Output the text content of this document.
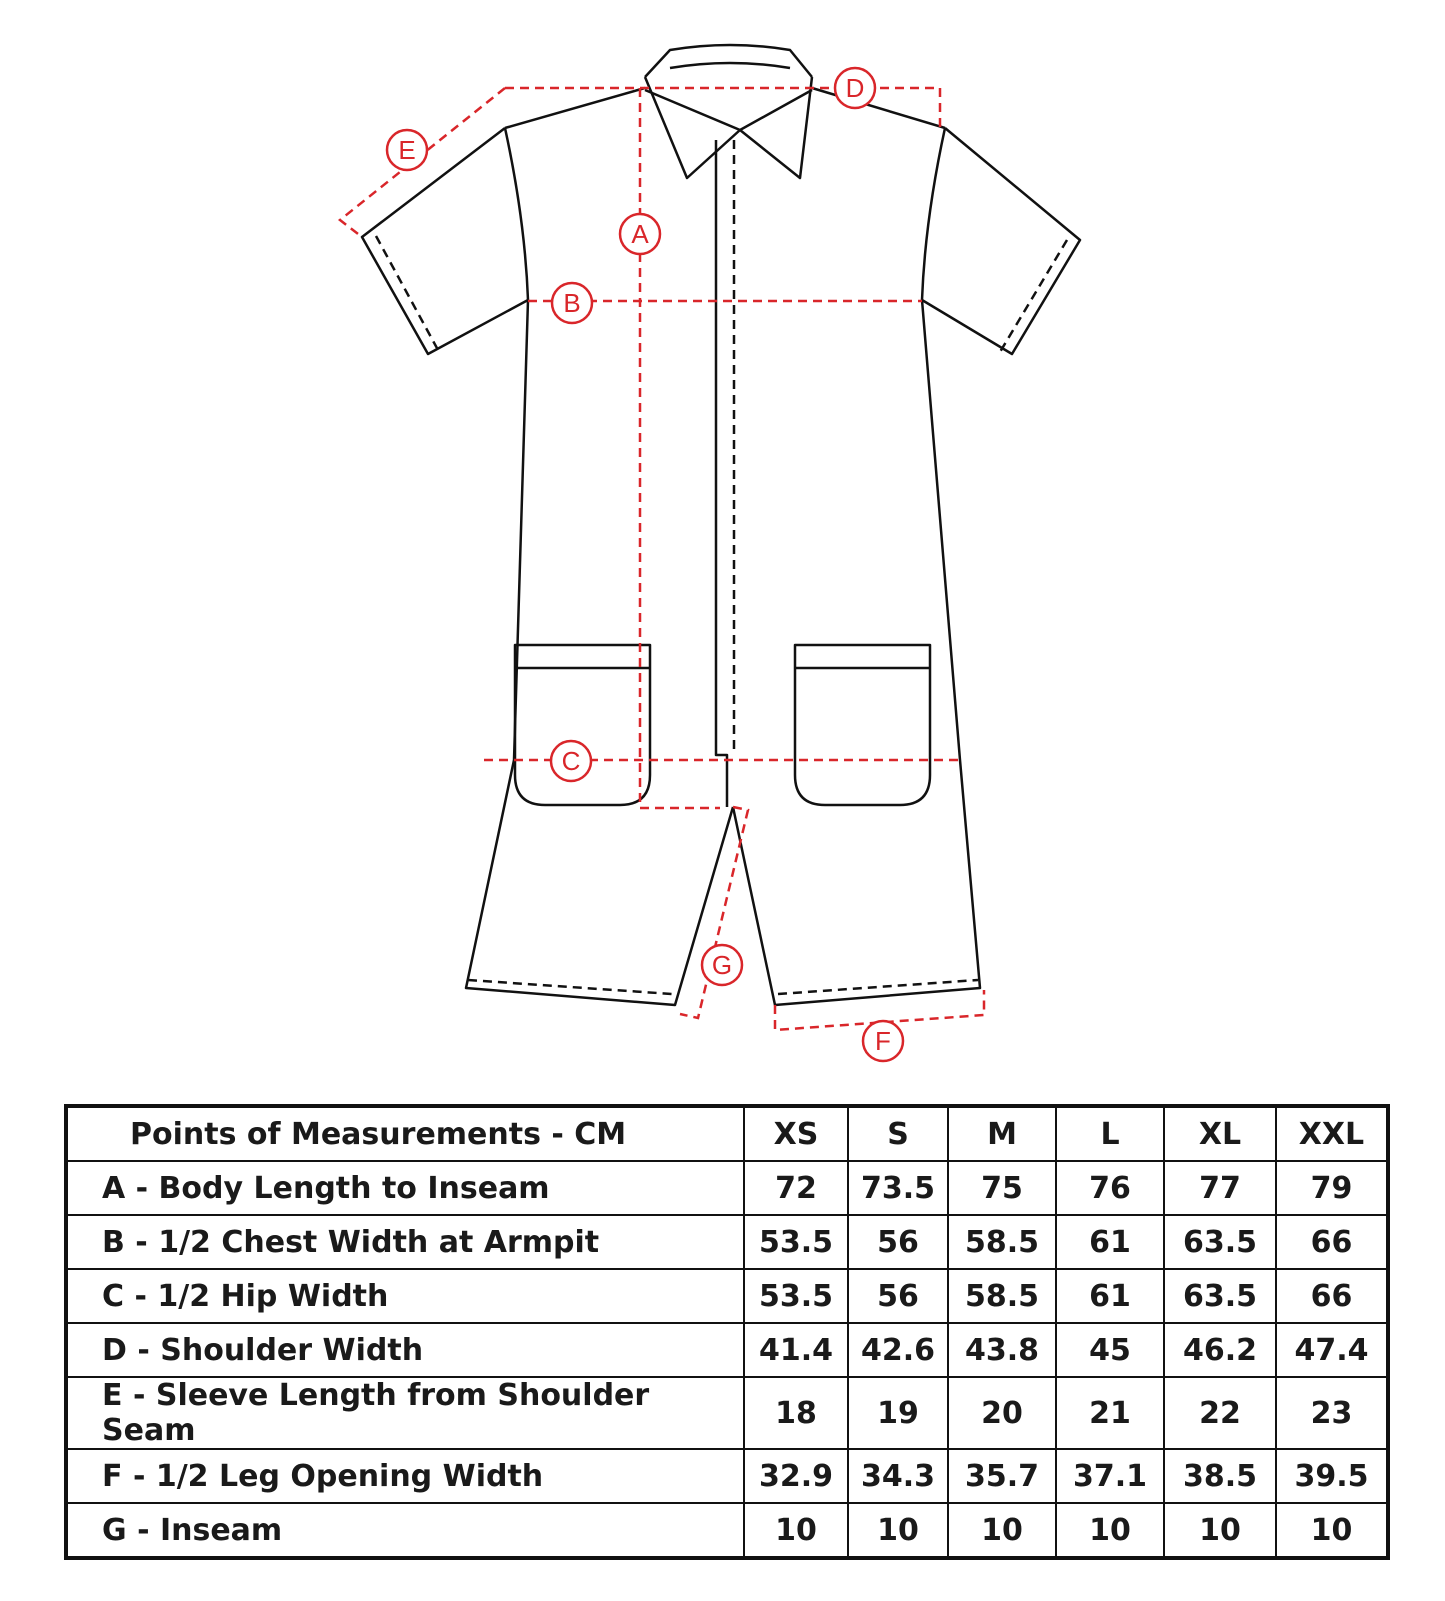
A
B
C
D
E
F
G
Points of Measurements - CM	XS	S	M	L	XL	XXL
A - Body Length to Inseam	72	73.5	75	76	77	79
B - 1/2 Chest Width at Armpit	53.5	56	58.5	61	63.5	66
C - 1/2 Hip Width	53.5	56	58.5	61	63.5	66
D - Shoulder Width	41.4	42.6	43.8	45	46.2	47.4
E - Sleeve Length from Shoulder Seam	18	19	20	21	22	23
F - 1/2 Leg Opening Width	32.9	34.3	35.7	37.1	38.5	39.5
G - Inseam	10	10	10	10	10	10
